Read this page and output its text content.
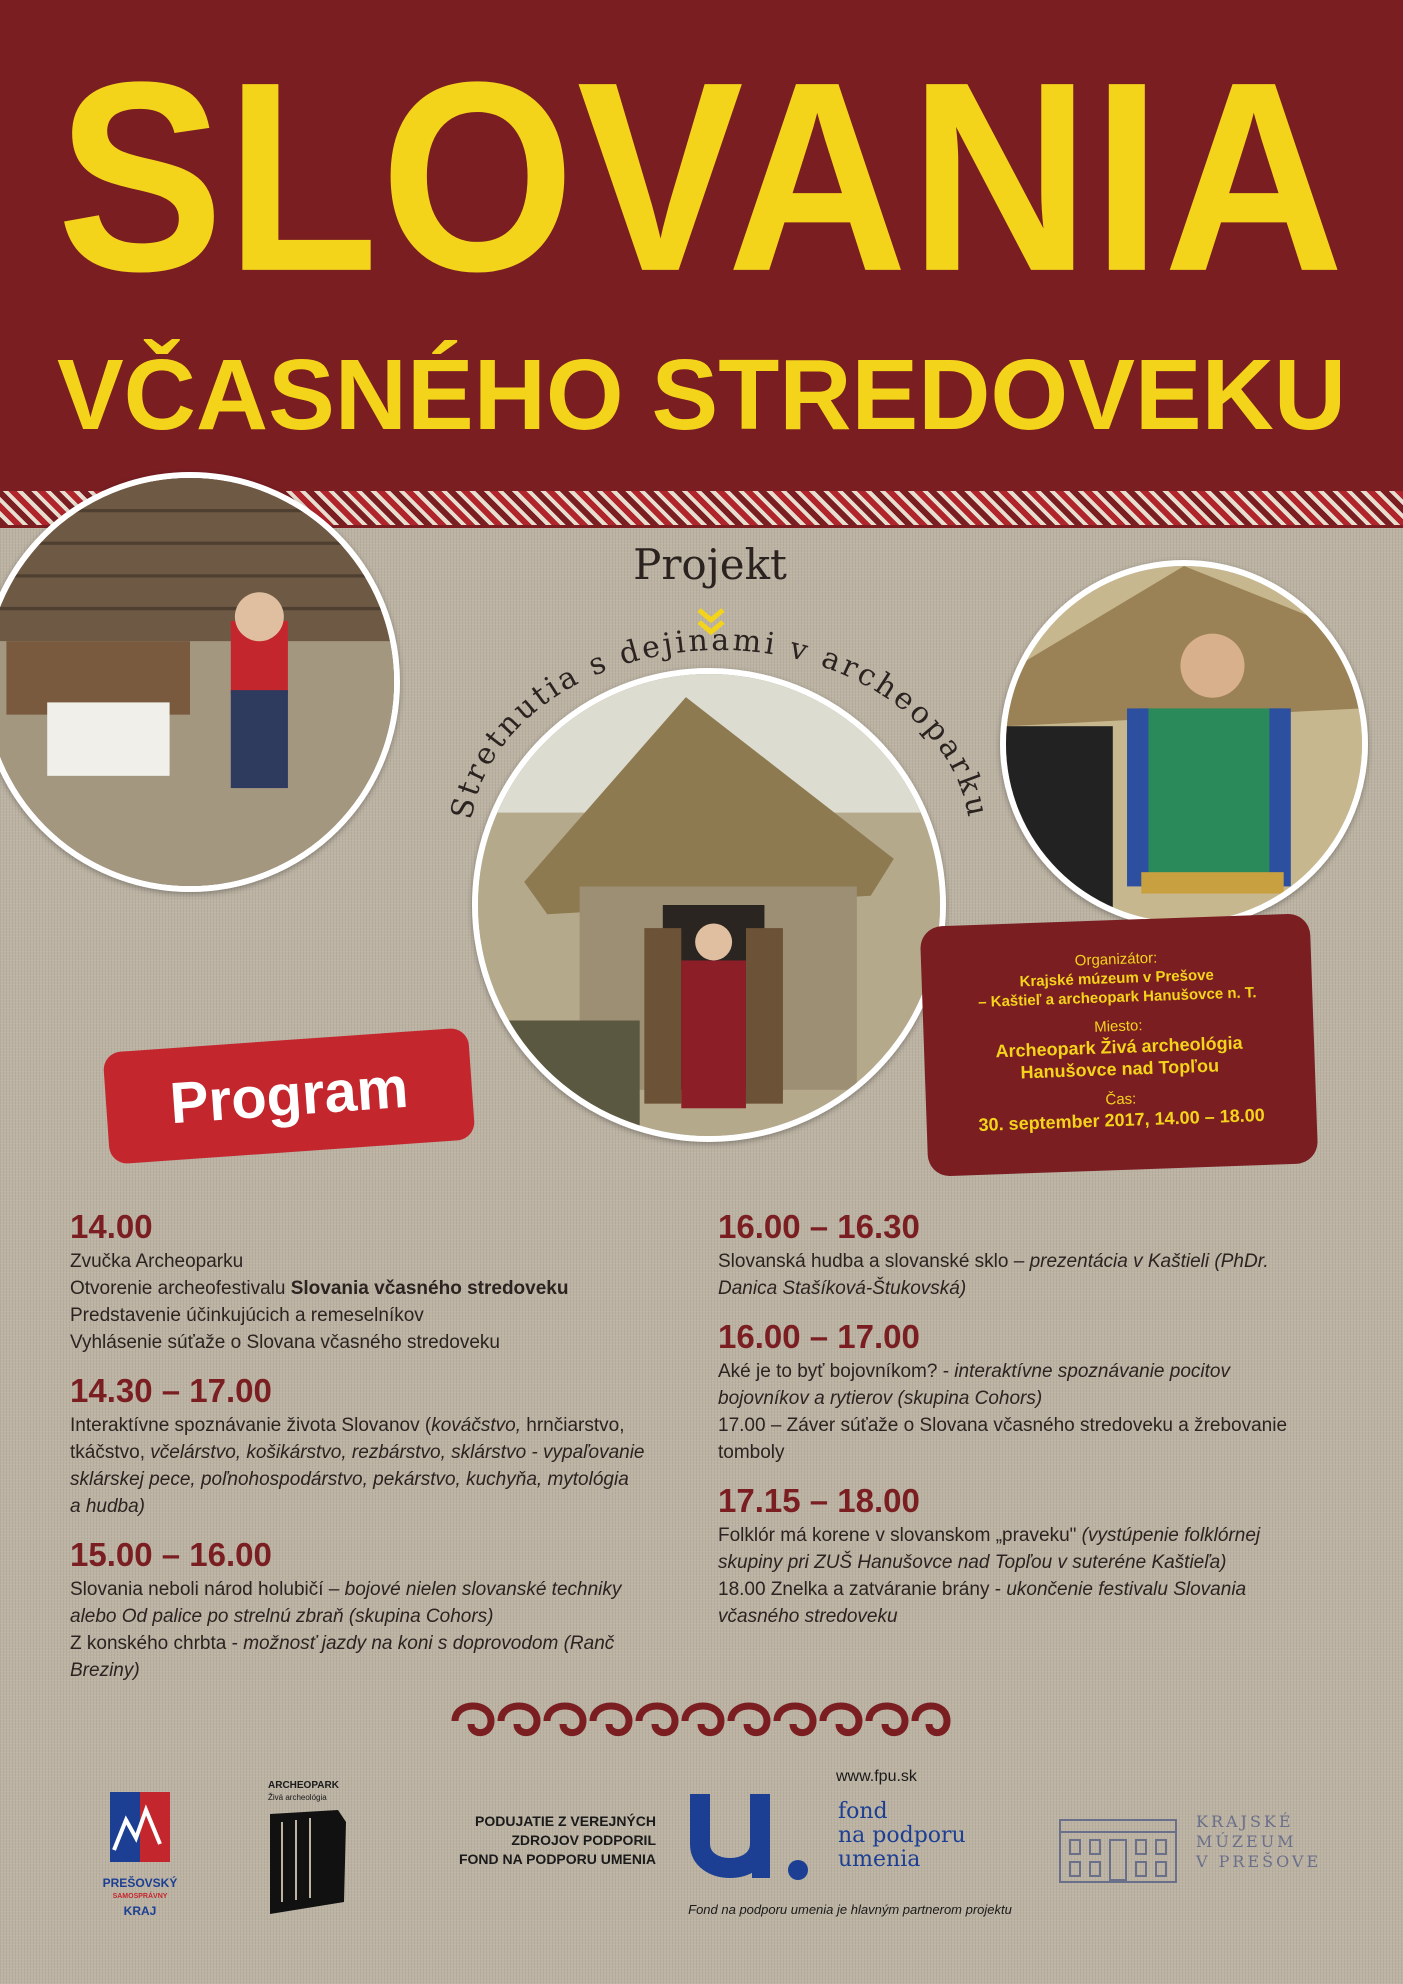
SLOVANIA
VČASNÉHO STREDOVEKU
Projekt
Stretnutia s dejinami v archeoparku
Program
Organizátor:
Krajské múzeum v Prešove
– Kaštieľ a archeopark Hanušovce n. T.
Miesto:
Archeopark Živá archeológia
Hanušovce nad Topľou
Čas:
30. september 2017, 14.00 – 18.00
14.00
Zvučka Archeoparku
Otvorenie archeofestivalu Slovania včasného stredoveku
Predstavenie účinkujúcich a remeselníkov
Vyhlásenie súťaže o Slovana včasného stredoveku
14.30 – 17.00
Interaktívne spoznávanie života Slovanov (kováčstvo, hrnčiarstvo,
tkáčstvo, včelárstvo, košikárstvo, rezbárstvo, sklárstvo - vypaľovanie
sklárskej pece, poľnohospodárstvo, pekárstvo, kuchyňa, mytológia
a hudba)
15.00 – 16.00
Slovania neboli národ holubičí – bojové nielen slovanské techniky
alebo Od palice po strelnú zbraň (skupina Cohors)
Z konského chrbta - možnosť jazdy na koni s doprovodom (Ranč
Breziny)
16.00 – 16.30
Slovanská hudba a slovanské sklo – prezentácia v Kaštieli (PhDr.
Danica Stašíková-Štukovská)
16.00 – 17.00
Aké je to byť bojovníkom? - interaktívne spoznávanie pocitov
bojovníkov a rytierov (skupina Cohors)
17.00 – Záver súťaže o Slovana včasného stredoveku a žrebovanie
tomboly
17.15 – 18.00
Folklór má korene v slovanskom „praveku" (vystúpenie folklórnej
skupiny pri ZUŠ Hanušovce nad Topľou v suteréne Kaštieľa)
18.00 Znelka a zatváranie brány - ukončenie festivalu Slovania
včasného stredoveku
PREŠOVSKÝ
SAMOSPRÁVNY
KRAJ
ARCHEOPARK
Živá archeológia
PODUJATIE Z VEREJNÝCH
ZDROJOV PODPORIL
FOND NA PODPORU UMENIA
www.fpu.sk
fond
na podporu
umenia
Fond na podporu umenia je hlavným partnerom projektu
KRAJSKÉ
MÚZEUM
V PREŠOVE
